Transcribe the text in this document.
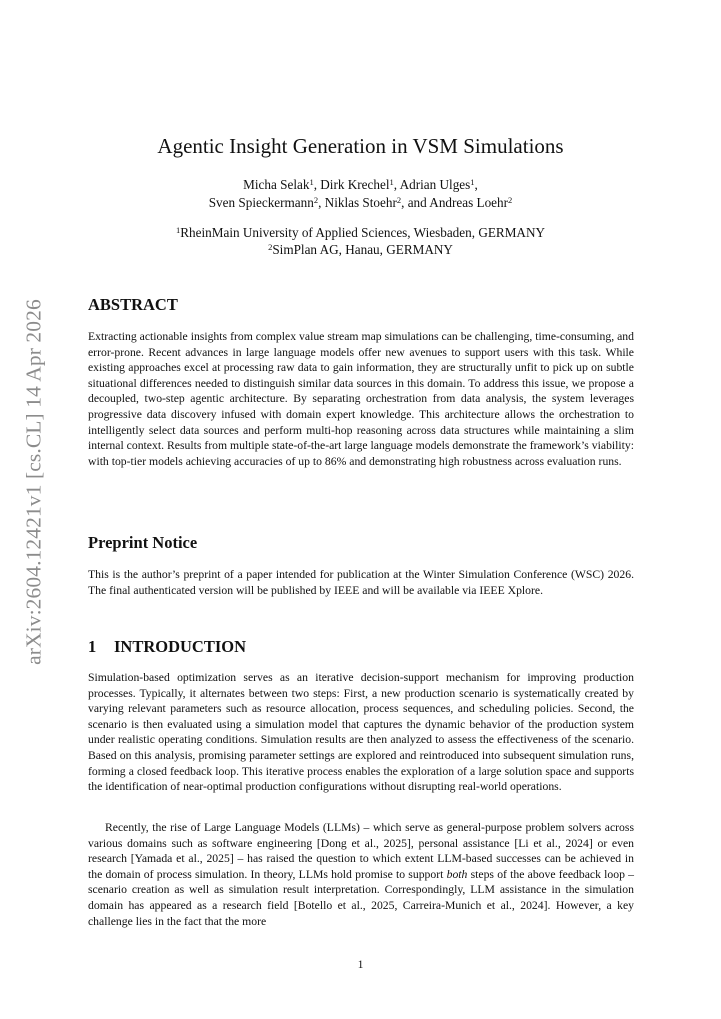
arXiv:2604.12421v1 [cs.CL] 14 Apr 2026
Agentic Insight Generation in VSM Simulations
Micha Selak$^1$, Dirk Krechel$^1$, Adrian Ulges$^1$,
Sven Spieckermann$^2$, Niklas Stoehr$^2$, and Andreas Loehr$^2$
$^1$RheinMain University of Applied Sciences, Wiesbaden, GERMANY
$^2$SimPlan AG, Hanau, GERMANY
ABSTRACT
Extracting actionable insights from complex value stream map simulations can be challenging, time-consuming, and error-prone. Recent advances in large language models offer new avenues to support users with this task. While existing approaches excel at processing raw data to gain information, they are structurally unfit to pick up on subtle situational differences needed to distinguish similar data sources in this domain. To address this issue, we propose a decoupled, two-step agentic architecture. By separating orchestration from data analysis, the system leverages progressive data discovery infused with domain expert knowledge. This architecture allows the orchestration to intelligently select data sources and perform multi-hop reasoning across data structures while maintaining a slim internal context. Results from multiple state-of-the-art large language models demonstrate the framework’s viability: with top-tier models achieving accuracies of up to 86% and demonstrating high robustness across evaluation runs.
Preprint Notice
This is the author’s preprint of a paper intended for publication at the Winter Simulation Conference (WSC) 2026. The final authenticated version will be published by IEEE and will be available via IEEE Xplore.
1 INTRODUCTION
Simulation-based optimization serves as an iterative decision-support mechanism for improving production processes. Typically, it alternates between two steps: First, a new production scenario is systematically created by varying relevant parameters such as resource allocation, process sequences, and scheduling policies. Second, the scenario is then evaluated using a simulation model that captures the dynamic behavior of the production system under realistic operating conditions. Simulation results are then analyzed to assess the effectiveness of the scenario. Based on this analysis, promising parameter settings are explored and reintroduced into subsequent simulation runs, forming a closed feedback loop. This iterative process enables the exploration of a large solution space and supports the identification of near-optimal production configurations without disrupting real-world operations.
Recently, the rise of Large Language Models (LLMs) – which serve as general-purpose problem solvers across various domains such as software engineering [Dong et al., 2025], personal assistance [Li et al., 2024] or even research [Yamada et al., 2025] – has raised the question to which extent LLM-based successes can be achieved in the domain of process simulation. In theory, LLMs hold promise to support both steps of the above feedback loop – scenario creation as well as simulation result interpretation. Correspondingly, LLM assistance in the simulation domain has appeared as a research field [Botello et al., 2025, Carreira-Munich et al., 2024]. However, a key challenge lies in the fact that the more
1
